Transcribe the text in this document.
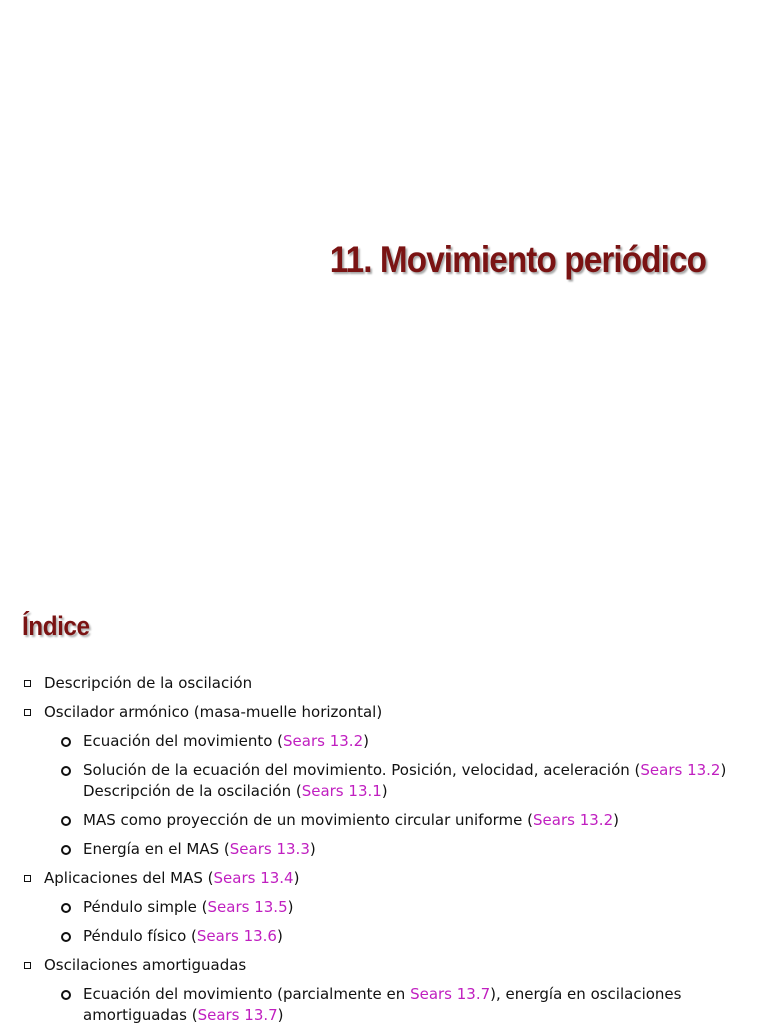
11. Movimiento periódico
Índice
Descripción de la oscilación
Oscilador armónico (masa-muelle horizontal)
Ecuación del movimiento (Sears 13.2)
Solución de la ecuación del movimiento. Posición, velocidad, aceleración (Sears 13.2) Descripción de la oscilación (Sears 13.1)
MAS como proyección de un movimiento circular uniforme (Sears 13.2)
Energía en el MAS (Sears 13.3)
Aplicaciones del MAS (Sears 13.4)
Péndulo simple (Sears 13.5)
Péndulo físico (Sears 13.6)
Oscilaciones amortiguadas
Ecuación del movimiento (parcialmente en Sears 13.7), energía en oscilaciones amortiguadas (Sears 13.7)
